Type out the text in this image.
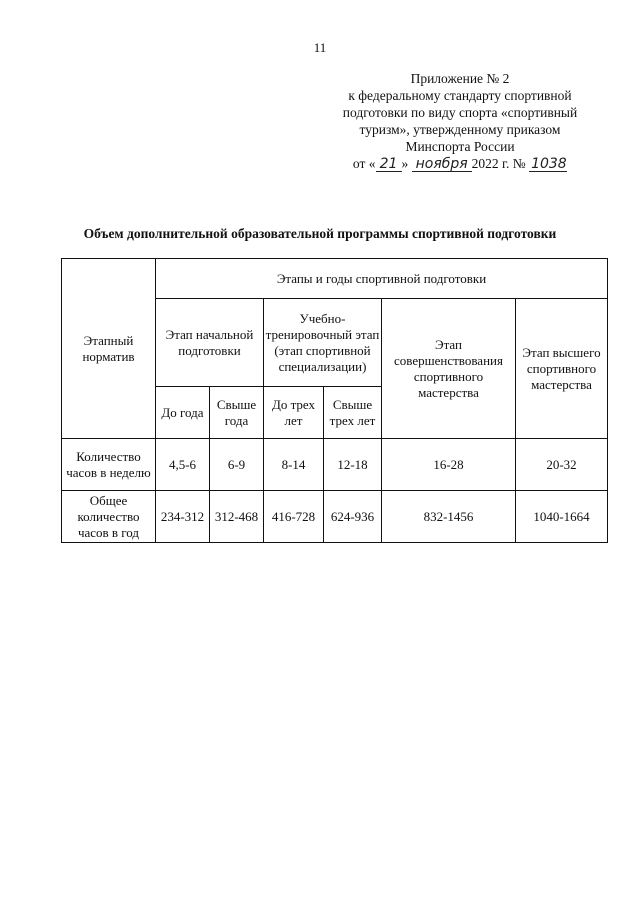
11
Приложение № 2
к федеральному стандарту спортивной
подготовки по виду спорта «спортивный
туризм», утвержденному приказом
Минспорта России
от « 21 » ноября 2022 г. № 1038
Объем дополнительной образовательной программы спортивной подготовки
Этапный норматив	Этапы и годы спортивной подготовки					
	Этап начальной подготовки		Учебно-тренировочный этап (этап спортивной специализации)		Этап совершенствования спортивного мастерства	Этап высшего спортивного мастерства
	До года	Свыше года	До трех лет	Свыше трех лет		
Количество часов в неделю	4,5-6	6-9	8-14	12-18	16-28	20-32
Общее количество часов в год	234-312	312-468	416-728	624-936	832-1456	1040-1664
